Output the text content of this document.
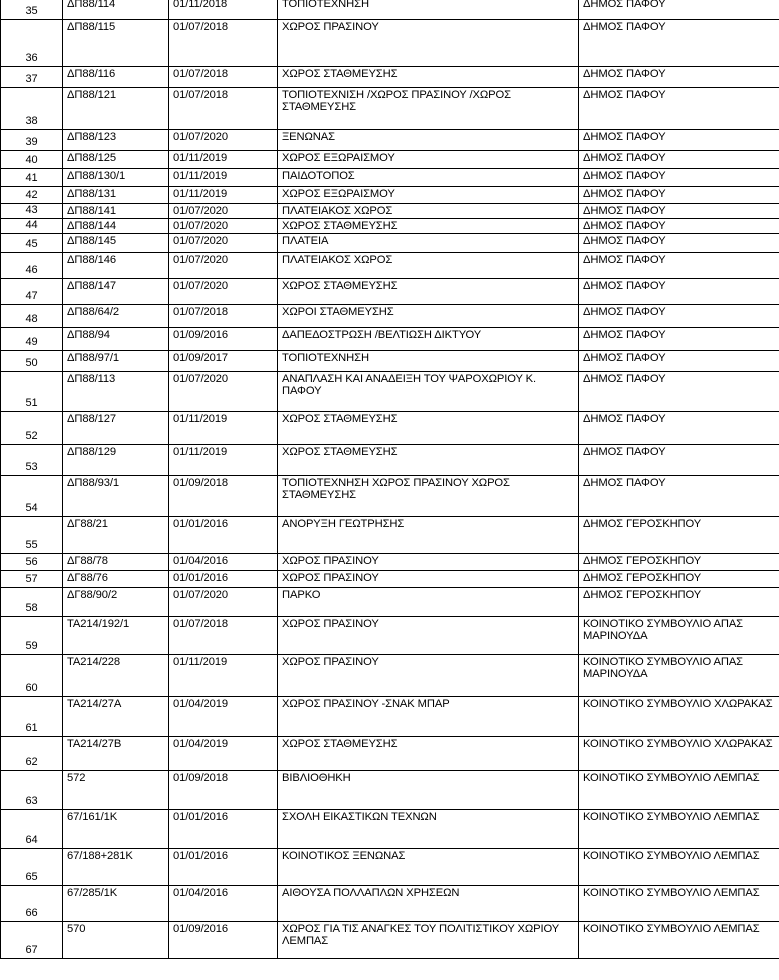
35	ΔΠ88/114	01/11/2018	ΤΟΠΙΟΤΕΧΝΗΣΗ	ΔΗΜΟΣ ΠΑΦΟΥ
36	ΔΠ88/115	01/07/2018	ΧΩΡΟΣ ΠΡΑΣΙΝΟΥ	ΔΗΜΟΣ ΠΑΦΟΥ
37	ΔΠ88/116	01/07/2018	ΧΩΡΟΣ ΣΤΑΘΜΕΥΣΗΣ	ΔΗΜΟΣ ΠΑΦΟΥ
38	ΔΠ88/121	01/07/2018	ΤΟΠΙΟΤΕΧΝΙΣΗ /ΧΩΡΟΣ ΠΡΑΣΙΝΟΥ /ΧΩΡΟΣ ΣΤΑΘΜΕΥΣΗΣ	ΔΗΜΟΣ ΠΑΦΟΥ
39	ΔΠ88/123	01/07/2020	ΞΕΝΩΝΑΣ	ΔΗΜΟΣ ΠΑΦΟΥ
40	ΔΠ88/125	01/11/2019	ΧΩΡΟΣ ΕΞΩΡΑΙΣΜΟΥ	ΔΗΜΟΣ ΠΑΦΟΥ
41	ΔΠ88/130/1	01/11/2019	ΠΑΙΔΟΤΟΠΟΣ	ΔΗΜΟΣ ΠΑΦΟΥ
42	ΔΠ88/131	01/11/2019	ΧΩΡΟΣ ΕΞΩΡΑΙΣΜΟΥ	ΔΗΜΟΣ ΠΑΦΟΥ
43	ΔΠ88/141	01/07/2020	ΠΛΑΤΕΙΑΚΟΣ ΧΩΡΟΣ	ΔΗΜΟΣ ΠΑΦΟΥ
44	ΔΠ88/144	01/07/2020	ΧΩΡΟΣ ΣΤΑΘΜΕΥΣΗΣ	ΔΗΜΟΣ ΠΑΦΟΥ
45	ΔΠ88/145	01/07/2020	ΠΛΑΤΕΙΑ	ΔΗΜΟΣ ΠΑΦΟΥ
46	ΔΠ88/146	01/07/2020	ΠΛΑΤΕΙΑΚΟΣ ΧΩΡΟΣ	ΔΗΜΟΣ ΠΑΦΟΥ
47	ΔΠ88/147	01/07/2020	ΧΩΡΟΣ ΣΤΑΘΜΕΥΣΗΣ	ΔΗΜΟΣ ΠΑΦΟΥ
48	ΔΠ88/64/2	01/07/2018	ΧΩΡΟΙ ΣΤΑΘΜΕΥΣΗΣ	ΔΗΜΟΣ ΠΑΦΟΥ
49	ΔΠ88/94	01/09/2016	ΔΑΠΕΔΟΣΤΡΩΣΗ /ΒΕΛΤΙΩΣΗ ΔΙΚΤΥΟΥ	ΔΗΜΟΣ ΠΑΦΟΥ
50	ΔΠ88/97/1	01/09/2017	ΤΟΠΙΟΤΕΧΝΗΣΗ	ΔΗΜΟΣ ΠΑΦΟΥ
51	ΔΠ88/113	01/07/2020	ΑΝΑΠΛΑΣΗ ΚΑΙ ΑΝΑΔΕΙΞΗ ΤΟΥ ΨΑΡΟΧΩΡΙΟΥ Κ. ΠΑΦΟΥ	ΔΗΜΟΣ ΠΑΦΟΥ
52	ΔΠ88/127	01/11/2019	ΧΩΡΟΣ ΣΤΑΘΜΕΥΣΗΣ	ΔΗΜΟΣ ΠΑΦΟΥ
53	ΔΠ88/129	01/11/2019	ΧΩΡΟΣ ΣΤΑΘΜΕΥΣΗΣ	ΔΗΜΟΣ ΠΑΦΟΥ
54	ΔΠ88/93/1	01/09/2018	ΤΟΠΙΟΤΕΧΝΗΣΗ ΧΩΡΟΣ ΠΡΑΣΙΝΟΥ ΧΩΡΟΣ ΣΤΑΘΜΕΥΣΗΣ	ΔΗΜΟΣ ΠΑΦΟΥ
55	ΔΓ88/21	01/01/2016	ΑΝΟΡΥΞΗ ΓΕΩΤΡΗΣΗΣ	ΔΗΜΟΣ ΓΕΡΟΣΚΗΠΟΥ
56	ΔΓ88/78	01/04/2016	ΧΩΡΟΣ ΠΡΑΣΙΝΟΥ	ΔΗΜΟΣ ΓΕΡΟΣΚΗΠΟΥ
57	ΔΓ88/76	01/01/2016	ΧΩΡΟΣ ΠΡΑΣΙΝΟΥ	ΔΗΜΟΣ ΓΕΡΟΣΚΗΠΟΥ
58	ΔΓ88/90/2	01/07/2020	ΠΑΡΚΟ	ΔΗΜΟΣ ΓΕΡΟΣΚΗΠΟΥ
59	ΤΑ214/192/1	01/07/2018	ΧΩΡΟΣ ΠΡΑΣΙΝΟΥ	ΚΟΙΝΟΤΙΚΟ ΣΥΜΒΟΥΛΙΟ ΑΠΑΣ ΜΑΡΙΝΟΥΔΑ
60	ΤΑ214/228	01/11/2019	ΧΩΡΟΣ ΠΡΑΣΙΝΟΥ	ΚΟΙΝΟΤΙΚΟ ΣΥΜΒΟΥΛΙΟ ΑΠΑΣ ΜΑΡΙΝΟΥΔΑ
61	ΤΑ214/27Α	01/04/2019	ΧΩΡΟΣ ΠΡΑΣΙΝΟΥ -ΣΝΑΚ ΜΠΑΡ	ΚΟΙΝΟΤΙΚΟ ΣΥΜΒΟΥΛΙΟ ΧΛΩΡΑΚΑΣ
62	ΤΑ214/27Β	01/04/2019	ΧΩΡΟΣ ΣΤΑΘΜΕΥΣΗΣ	ΚΟΙΝΟΤΙΚΟ ΣΥΜΒΟΥΛΙΟ ΧΛΩΡΑΚΑΣ
63	572	01/09/2018	ΒΙΒΛΙΟΘΗΚΗ	ΚΟΙΝΟΤΙΚΟ ΣΥΜΒΟΥΛΙΟ ΛΕΜΠΑΣ
64	67/161/1Κ	01/01/2016	ΣΧΟΛΗ ΕΙΚΑΣΤΙΚΩΝ ΤΕΧΝΩΝ	ΚΟΙΝΟΤΙΚΟ ΣΥΜΒΟΥΛΙΟ ΛΕΜΠΑΣ
65	67/188+281Κ	01/01/2016	ΚΟΙΝΟΤΙΚΟΣ ΞΕΝΩΝΑΣ	ΚΟΙΝΟΤΙΚΟ ΣΥΜΒΟΥΛΙΟ ΛΕΜΠΑΣ
66	67/285/1Κ	01/04/2016	ΑΙΘΟΥΣΑ ΠΟΛΛΑΠΛΩΝ ΧΡΗΣΕΩΝ	ΚΟΙΝΟΤΙΚΟ ΣΥΜΒΟΥΛΙΟ ΛΕΜΠΑΣ
67	570	01/09/2016	ΧΩΡΟΣ ΓΙΑ ΤΙΣ ΑΝΑΓΚΕΣ ΤΟΥ ΠΟΛΙΤΙΣΤΙΚΟΥ ΧΩΡΙΟΥ ΛΕΜΠΑΣ	ΚΟΙΝΟΤΙΚΟ ΣΥΜΒΟΥΛΙΟ ΛΕΜΠΑΣ
